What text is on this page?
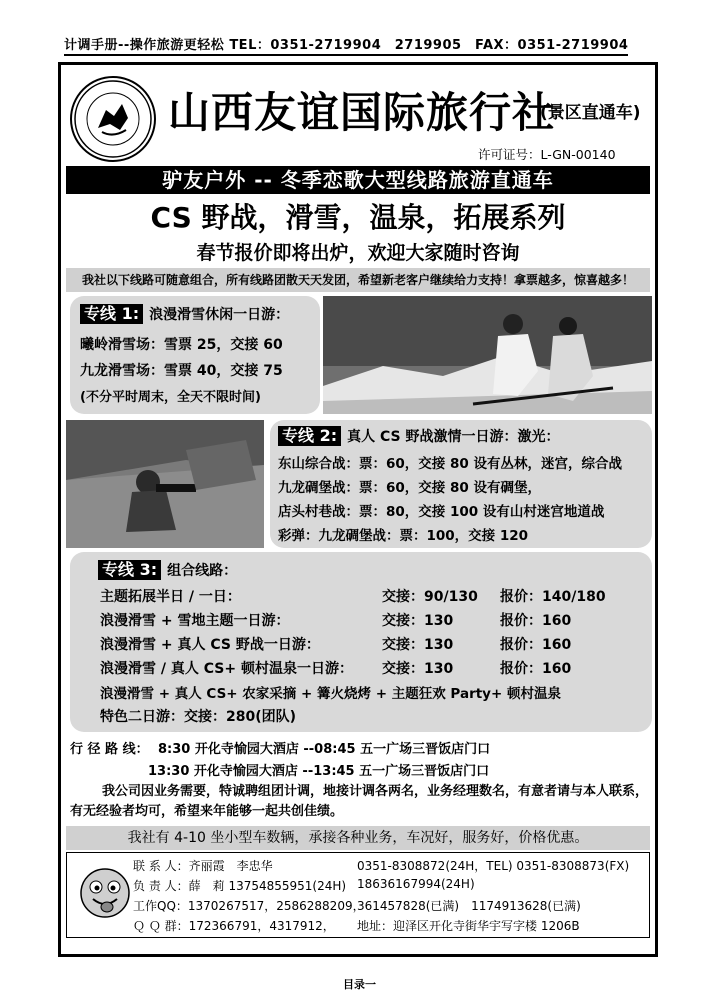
计调手册--操作旅游更轻松 TEL：0351-2719904　2719905　FAX：0351-2719904
山西友谊国际旅行社
(景区直通车)
许可证号：L-GN-00140
驴友户外 -- 冬季恋歌大型线路旅游直通车
CS 野战，滑雪，温泉，拓展系列
春节报价即将出炉，欢迎大家随时咨询
我社以下线路可随意组合，所有线路团散天天发团，希望新老客户继续给力支持！拿票越多，惊喜越多！
专线 1: 浪漫滑雪休闲一日游：
曦岭滑雪场：雪票 25，交接 60
九龙滑雪场：雪票 40，交接 75
(不分平时周末，全天不限时间)
专线 2: 真人 CS 野战激情一日游：激光：
东山综合战：票：60，交接 80 设有丛林，迷宫，综合战
九龙碉堡战：票：60，交接 80 设有碉堡，
店头村巷战：票：80，交接 100 设有山村迷宫地道战
彩弹：九龙碉堡战：票：100，交接 120
专线 3: 组合线路：
主题拓展半日 / 一日：	交接：90/130 报价：140/180
浪漫滑雪 + 雪地主题一日游：	交接：130	报价：160
浪漫滑雪 + 真人 CS 野战一日游：	交接：130	报价：160
浪漫滑雪 / 真人 CS+ 顿村温泉一日游： 交接：130	报价：160
浪漫滑雪 + 真人 CS+ 农家采摘 + 篝火烧烤 + 主题狂欢 Party+ 顿村温泉
特色二日游：交接：280(团队)
行 径 路 线： 8:30 开化寺愉园大酒店 --08:45 五一广场三晋饭店门口
13:30 开化寺愉园大酒店 --13:45 五一广场三晋饭店门口
我公司因业务需要，特诚聘组团计调，地接计调各两名，业务经理数名，有意者请与本人联系，有无经验者均可，希望来年能够一起共创佳绩。
我社有 4-10 坐小型车数辆，承接各种业务，车况好，服务好，价格优惠。
联 系 人：齐丽霞　李忠华	0351-8308872(24H，TEL) 0351-8308873(FX)
负 责 人：薛　莉 13754855951(24H) 18636167994(24H)
工作QQ：1370267517，2586288209，
361457828(已满)　1174913628(已满)
Ｑ Ｑ 群：172366791，4317912， 地址：迎泽区开化寺街华宇写字楼 1206B
目录一
